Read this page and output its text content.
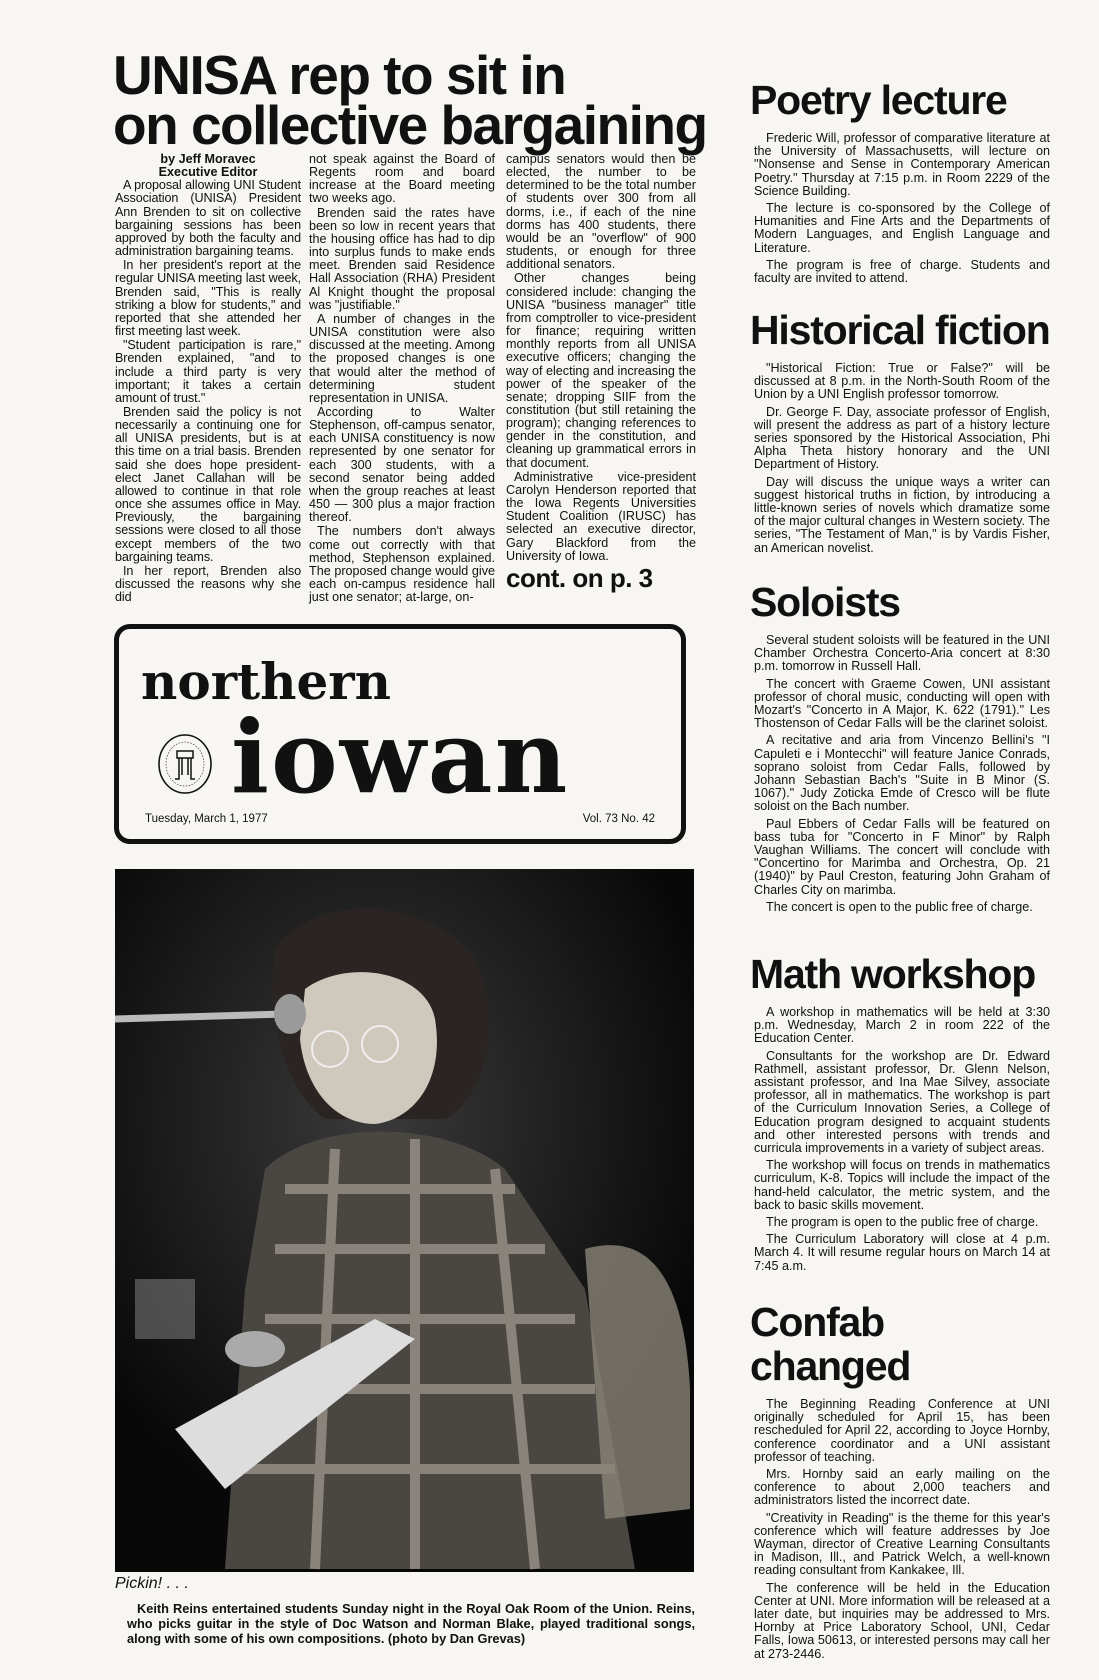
UNISA rep to sit in
on collective bargaining
by Jeff Moravec
Executive Editor

A proposal allowing UNI Student Association (UNISA) President Ann Brenden to sit on collective bargaining sessions has been approved by both the faculty and administration bargaining teams.

In her president's report at the regular UNISA meeting last week, Brenden said, "This is really striking a blow for students," and reported that she attended her first meeting last week.

"Student participation is rare," Brenden explained, "and to include a third party is very important; it takes a certain amount of trust."

Brenden said the policy is not necessarily a continuing one for all UNISA presidents, but is at this time on a trial basis. Brenden said she does hope president-elect Janet Callahan will be allowed to continue in that role once she assumes office in May. Previously, the bargaining sessions were closed to all those except members of the two bargaining teams.

In her report, Brenden also discussed the reasons why she did

not speak against the Board of Regents room and board increase at the Board meeting two weeks ago.

Brenden said the rates have been so low in recent years that the housing office has had to dip into surplus funds to make ends meet. Brenden said Residence Hall Association (RHA) President Al Knight thought the proposal was "justifiable."

A number of changes in the UNISA constitution were also discussed at the meeting. Among the proposed changes is one that would alter the method of determining student representation in UNISA.

According to Walter Stephenson, off-campus senator, each UNISA constituency is now represented by one senator for each 300 students, with a second senator being added when the group reaches at least 450 — 300 plus a major fraction thereof.

The numbers don't always come out correctly with that method, Stephenson explained. The proposed change would give each on-campus residence hall just one senator; at-large, on-

campus senators would then be elected, the number to be determined to be the total number of students over 300 from all dorms, i.e., if each of the nine dorms has 400 students, there would be an "overflow" of 900 students, or enough for three additional senators.

Other changes being considered include: changing the UNISA "business manager" title from comptroller to vice-president for finance; requiring written monthly reports from all UNISA executive officers; changing the way of electing and increasing the power of the speaker of the senate; dropping SIIF from the constitution (but still retaining the program); changing references to gender in the constitution, and cleaning up grammatical errors in that document.

Administrative vice-president Carolyn Henderson reported that the Iowa Regents Universities Student Coalition (IRUSC) has selected an executive director, Gary Blackford from the University of Iowa.

cont. on p. 3

northern
iowan
Tuesday, March 1, 1977	Vol. 73 No. 42
Pickin! . . .

Keith Reins entertained students Sunday night in the Royal Oak Room of the Union. Reins, who picks guitar in the style of Doc Watson and Norman Blake, played traditional songs, along with some of his own compositions. (photo by Dan Grevas)

Poetry lecture

Frederic Will, professor of comparative literature at the University of Massachusetts, will lecture on "Nonsense and Sense in Contemporary American Poetry." Thursday at 7:15 p.m. in Room 2229 of the Science Building.

The lecture is co-sponsored by the College of Humanities and Fine Arts and the Departments of Modern Languages, and English Language and Literature.

The program is free of charge. Students and faculty are invited to attend.

Historical fiction

"Historical Fiction: True or False?" will be discussed at 8 p.m. in the North-South Room of the Union by a UNI English professor tomorrow.

Dr. George F. Day, associate professor of English, will present the address as part of a history lecture series sponsored by the Historical Association, Phi Alpha Theta history honorary and the UNI Department of History.

Day will discuss the unique ways a writer can suggest historical truths in fiction, by introducing a little-known series of novels which dramatize some of the major cultural changes in Western society. The series, "The Testament of Man," is by Vardis Fisher, an American novelist.

Soloists

Several student soloists will be featured in the UNI Chamber Orchestra Concerto-Aria concert at 8:30 p.m. tomorrow in Russell Hall.

The concert with Graeme Cowen, UNI assistant professor of choral music, conducting will open with Mozart's "Concerto in A Major, K. 622 (1791)." Les Thostenson of Cedar Falls will be the clarinet soloist.

A recitative and aria from Vincenzo Bellini's "I Capuleti e i Montecchi" will feature Janice Conrads, soprano soloist from Cedar Falls, followed by Johann Sebastian Bach's "Suite in B Minor (S. 1067)." Judy Zoticka Emde of Cresco will be flute soloist on the Bach number.

Paul Ebbers of Cedar Falls will be featured on bass tuba for "Concerto in F Minor" by Ralph Vaughan Williams. The concert will conclude with "Concertino for Marimba and Orchestra, Op. 21 (1940)" by Paul Creston, featuring John Graham of Charles City on marimba.

The concert is open to the public free of charge.

Math workshop

A workshop in mathematics will be held at 3:30 p.m. Wednesday, March 2 in room 222 of the Education Center.

Consultants for the workshop are Dr. Edward Rathmell, assistant professor, Dr. Glenn Nelson, assistant professor, and Ina Mae Silvey, associate professor, all in mathematics. The workshop is part of the Curriculum Innovation Series, a College of Education program designed to acquaint students and other interested persons with trends and curricula improvements in a variety of subject areas.

The workshop will focus on trends in mathematics curriculum, K-8. Topics will include the impact of the hand-held calculator, the metric system, and the back to basic skills movement.

The program is open to the public free of charge.

The Curriculum Laboratory will close at 4 p.m. March 4. It will resume regular hours on March 14 at 7:45 a.m.

Confab changed

The Beginning Reading Conference at UNI originally scheduled for April 15, has been rescheduled for April 22, according to Joyce Hornby, conference coordinator and a UNI assistant professor of teaching.

Mrs. Hornby said an early mailing on the conference to about 2,000 teachers and administrators listed the incorrect date.

"Creativity in Reading" is the theme for this year's conference which will feature addresses by Joe Wayman, director of Creative Learning Consultants in Madison, Ill., and Patrick Welch, a well-known reading consultant from Kankakee, Ill.

The conference will be held in the Education Center at UNI. More information will be released at a later date, but inquiries may be addressed to Mrs. Hornby at Price Laboratory School, UNI, Cedar Falls, Iowa 50613, or interested persons may call her at 273-2446.
